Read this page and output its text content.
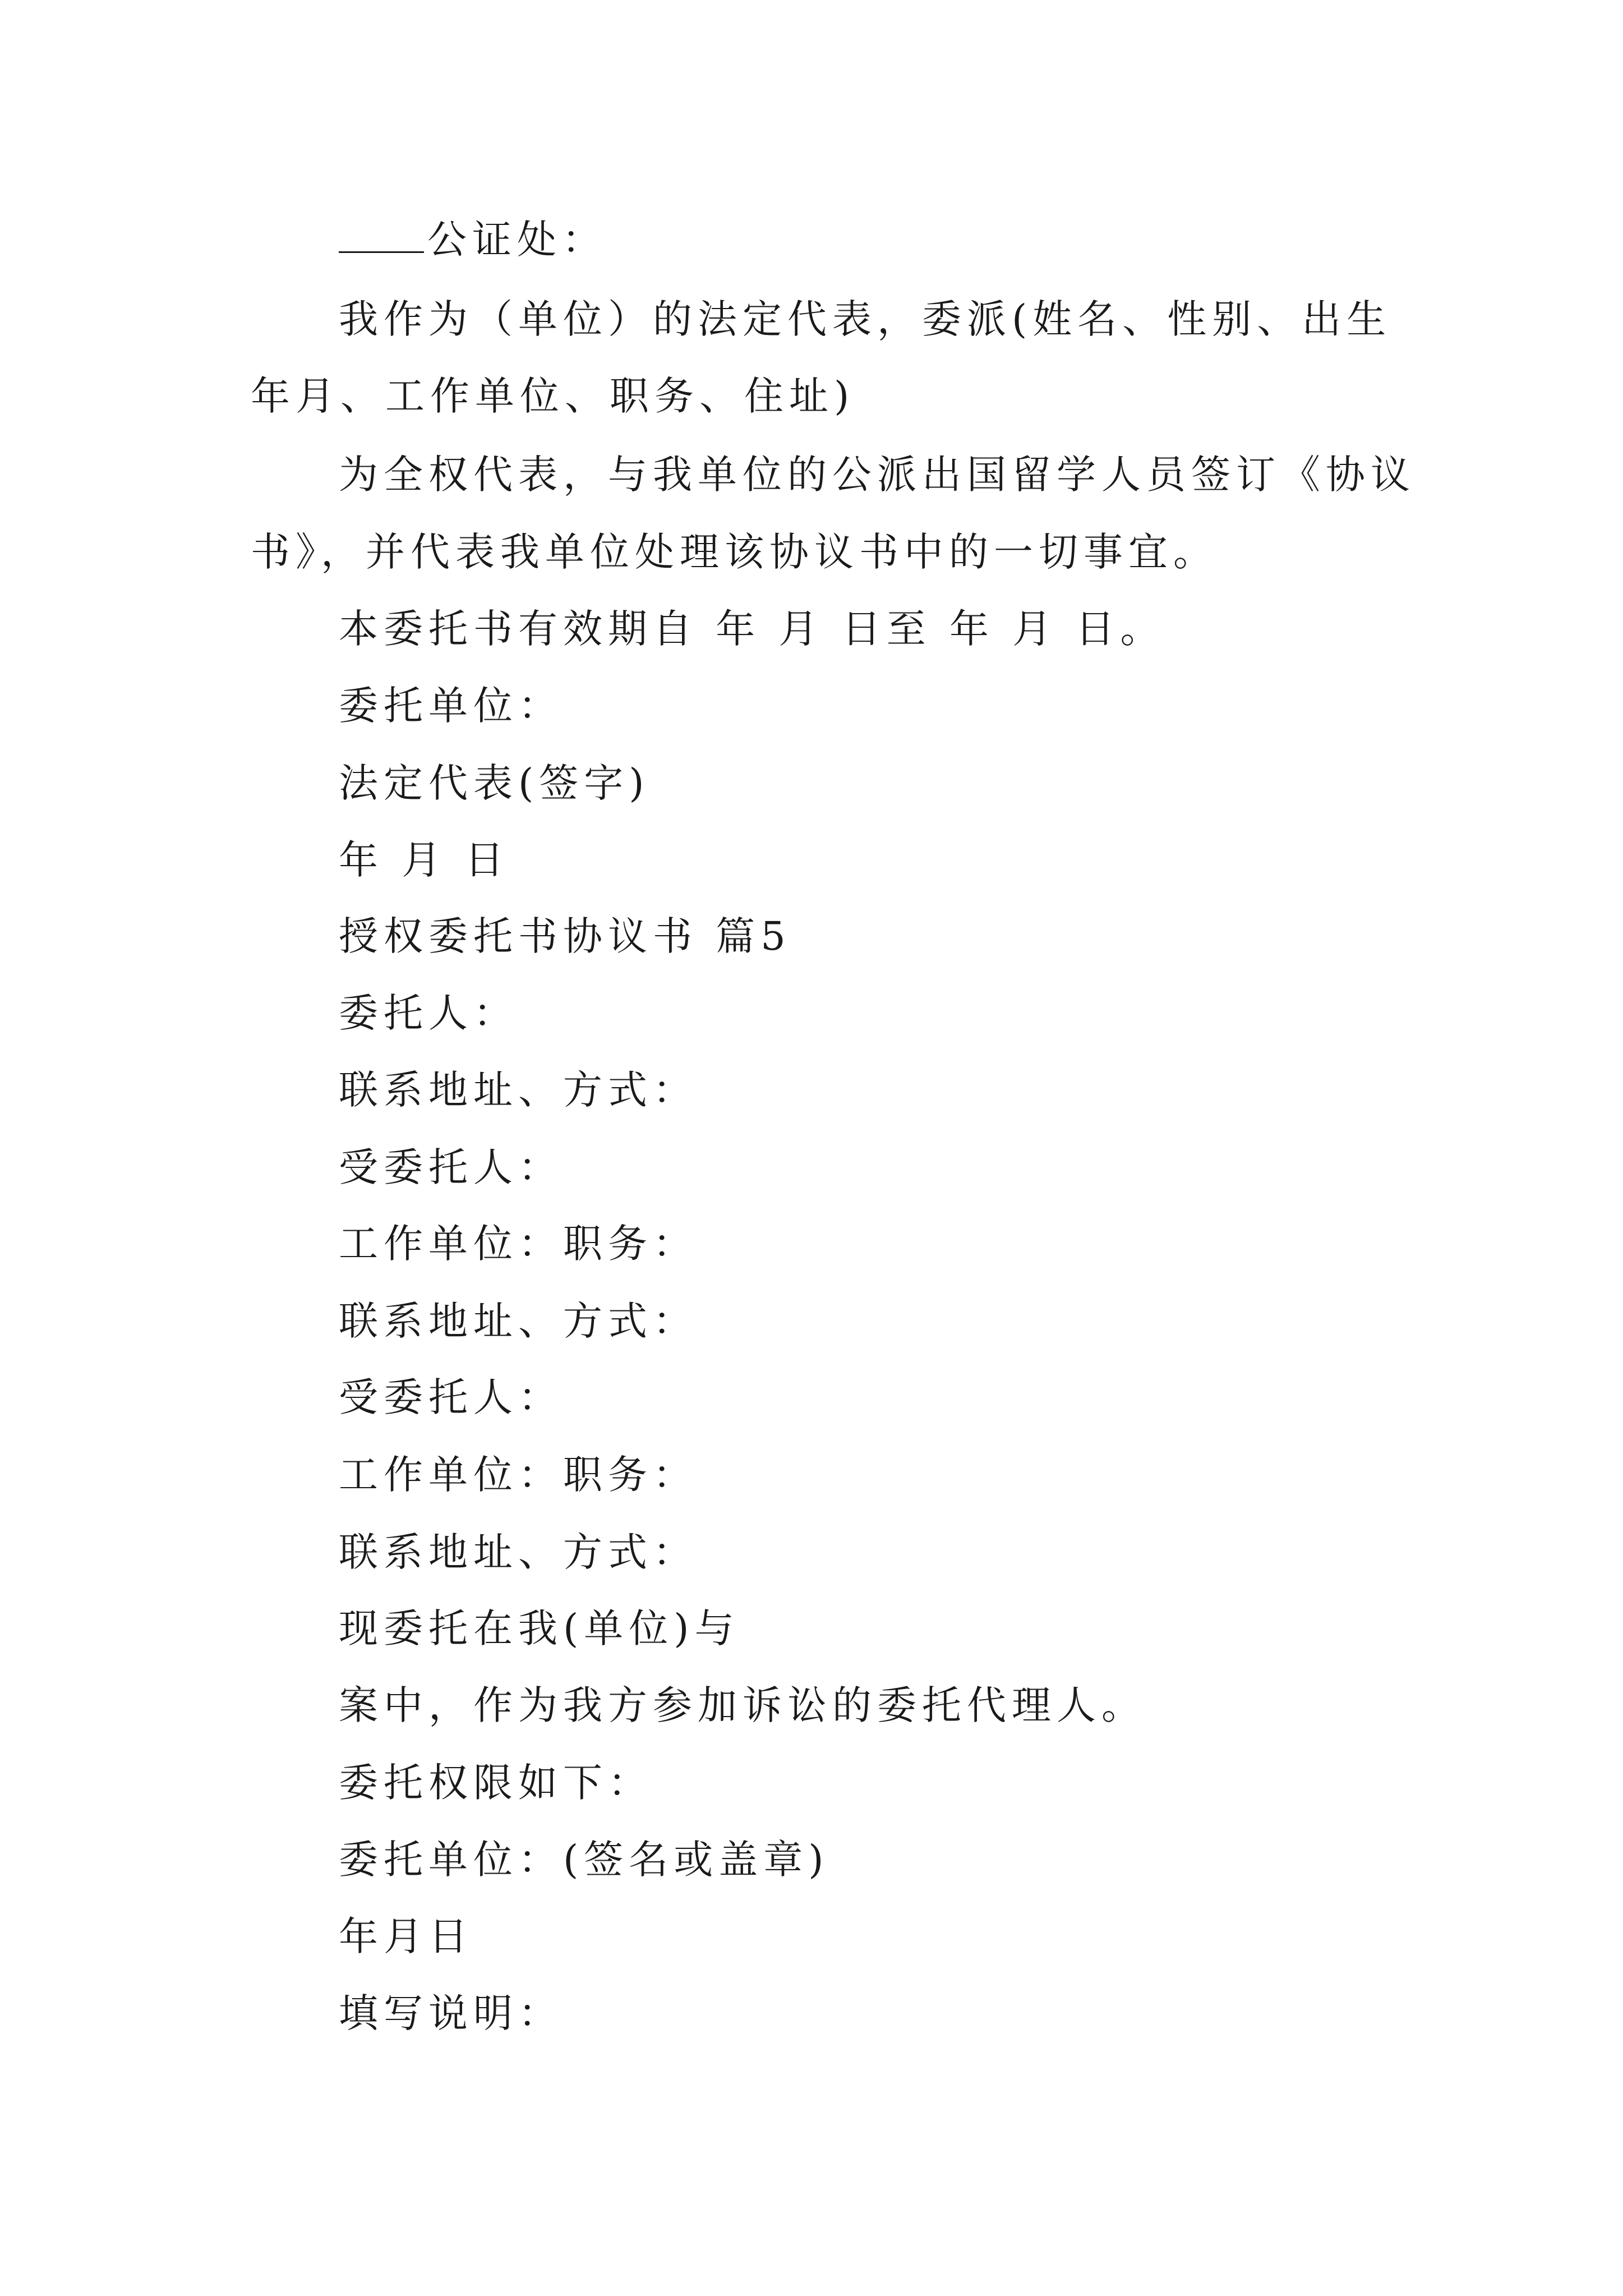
公证处：
我作为（单位）的法定代表，委派(姓名、性别、出生
年月、工作单位、职务、住址)
为全权代表，与我单位的公派出国留学人员签订《协议
书》，并代表我单位处理该协议书中的一切事宜。
本委托书有效期自 年 月 日至 年 月 日。
委托单位：
法定代表(签字)
年 月 日
授权委托书协议书 篇5
委托人：
联系地址、方式：
受委托人：
工作单位：职务：
联系地址、方式：
受委托人：
工作单位：职务：
联系地址、方式：
现委托在我(单位)与
案中，作为我方参加诉讼的委托代理人。
委托权限如下：
委托单位：(签名或盖章)
年月日
填写说明：
